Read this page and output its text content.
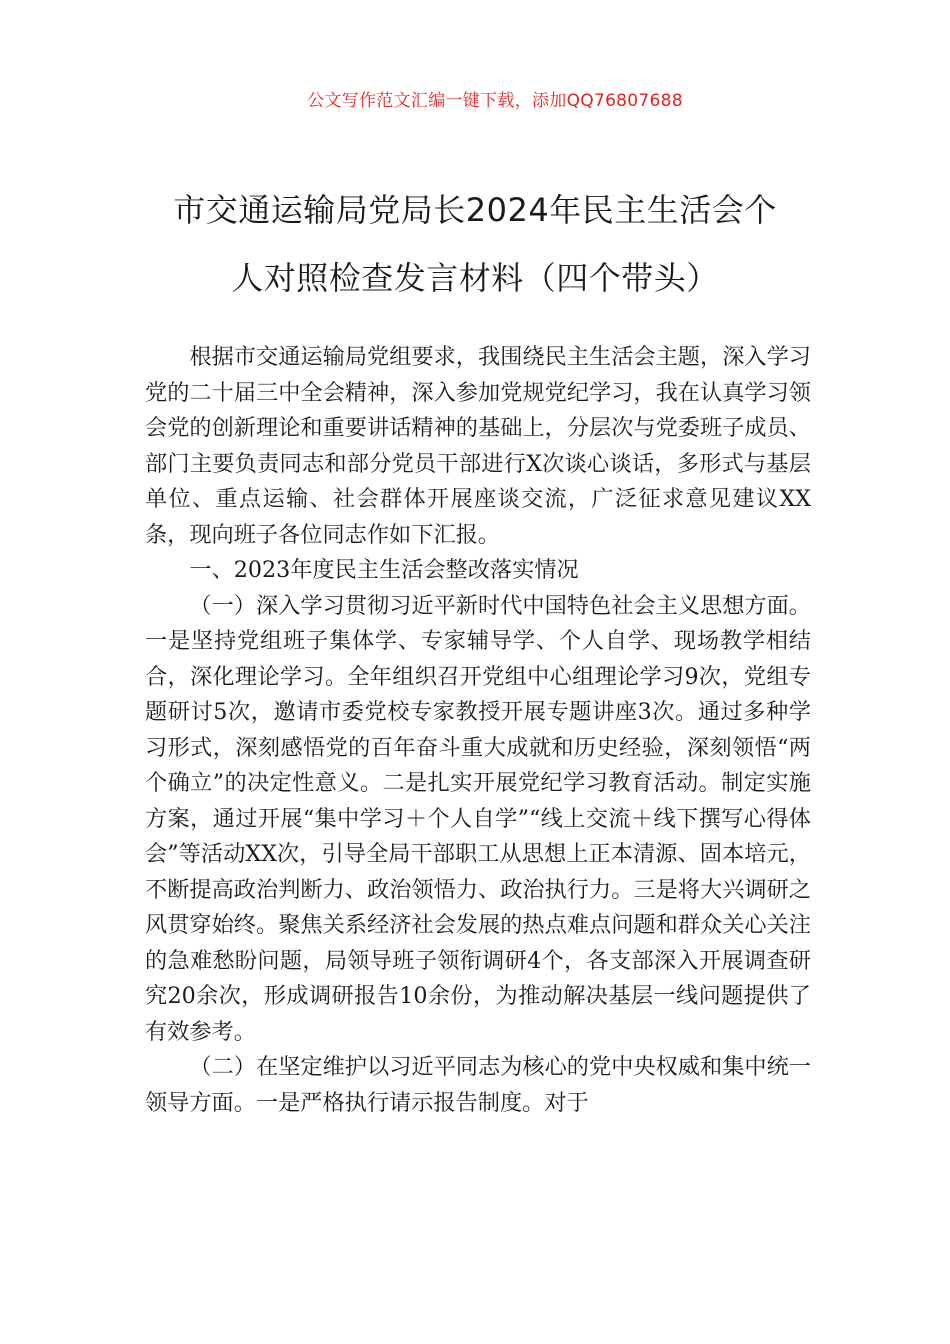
公文写作范文汇编一键下载，添加QQ76807688
市交通运输局党局长2024年民主生活会个
人对照检查发言材料（四个带头）

根据市交通运输局党组要求，我围绕民主生活会主题，深入学习党的二十届三中全会精神，深入参加党规党纪学习，我在认真学习领会党的创新理论和重要讲话精神的基础上，分层次与党委班子成员、部门主要负责同志和部分党员干部进行X次谈心谈话，多形式与基层单位、重点运输、社会群体开展座谈交流，广泛征求意见建议XX条，现向班子各位同志作如下汇报。

一、2023年度民主生活会整改落实情况

（一）深入学习贯彻习近平新时代中国特色社会主义思想方面。一是坚持党组班子集体学、专家辅导学、个人自学、现场教学相结合，深化理论学习。全年组织召开党组中心组理论学习9次，党组专题研讨5次，邀请市委党校专家教授开展专题讲座3次。通过多种学习形式，深刻感悟党的百年奋斗重大成就和历史经验，深刻领悟“两个确立”的决定性意义。二是扎实开展党纪学习教育活动。制定实施方案，通过开展“集中学习＋个人自学”“线上交流＋线下撰写心得体会”等活动XX次，引导全局干部职工从思想上正本清源、固本培元，不断提高政治判断力、政治领悟力、政治执行力。三是将大兴调研之风贯穿始终。聚焦关系经济社会发展的热点难点问题和群众关心关注的急难愁盼问题，局领导班子领衔调研4个，各支部深入开展调查研究20余次，形成调研报告10余份，为推动解决基层一线问题提供了有效参考。

（二）在坚定维护以习近平同志为核心的党中央权威和集中统一领导方面。一是严格执行请示报告制度。对于
